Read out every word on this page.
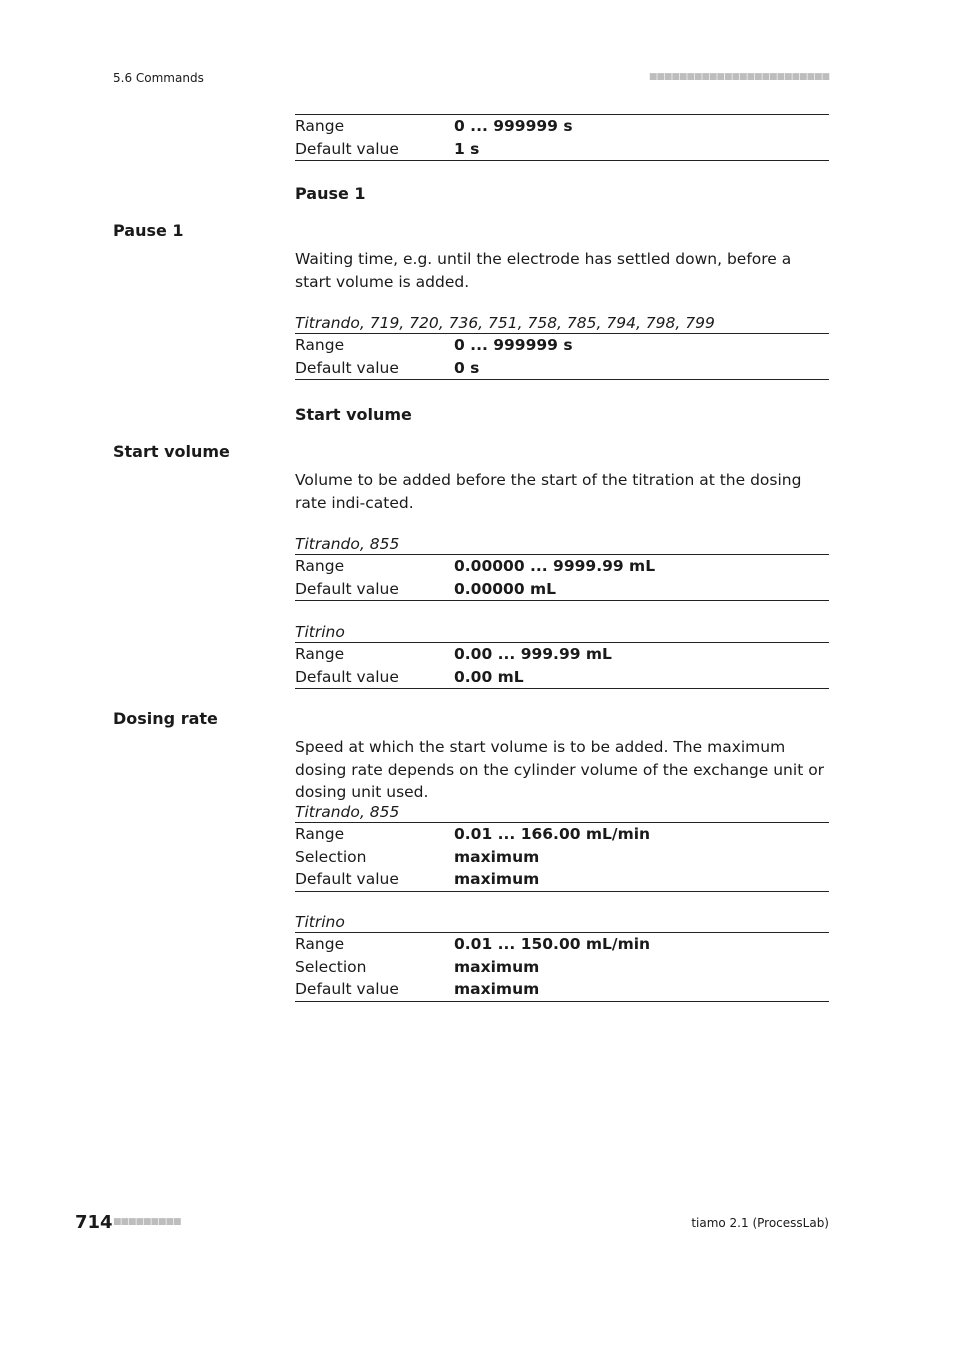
5.6 Commands	■■■■■■■■■■■■■■■■■■■■■■■■
Range	0 ... 999999 s
Default value	1 s

Pause 1

Pause 1

Waiting time, e.g. until the electrode has settled down, before a start volume is added.

Titrando, 719, 720, 736, 751, 758, 785, 794, 798, 799

Range	0 ... 999999 s
Default value	0 s

Start volume

Start volume

Volume to be added before the start of the titration at the dosing rate indi-cated.

Titrando, 855

Range	0.00000 ... 9999.99 mL
Default value	0.00000 mL

Titrino

Range	0.00 ... 999.99 mL
Default value	0.00 mL
Dosing rate

Speed at which the start volume is to be added. The maximum dosing rate depends on the cylinder volume of the exchange unit or dosing unit used.

Titrando, 855

Range	0.01 ... 166.00 mL/min
Selection	maximum
Default value	maximum

Titrino

Range	0.01 ... 150.00 mL/min
Selection	maximum
Default value	maximum
714 ■■■■■■■■■	tiamo 2.1 (ProcessLab)
